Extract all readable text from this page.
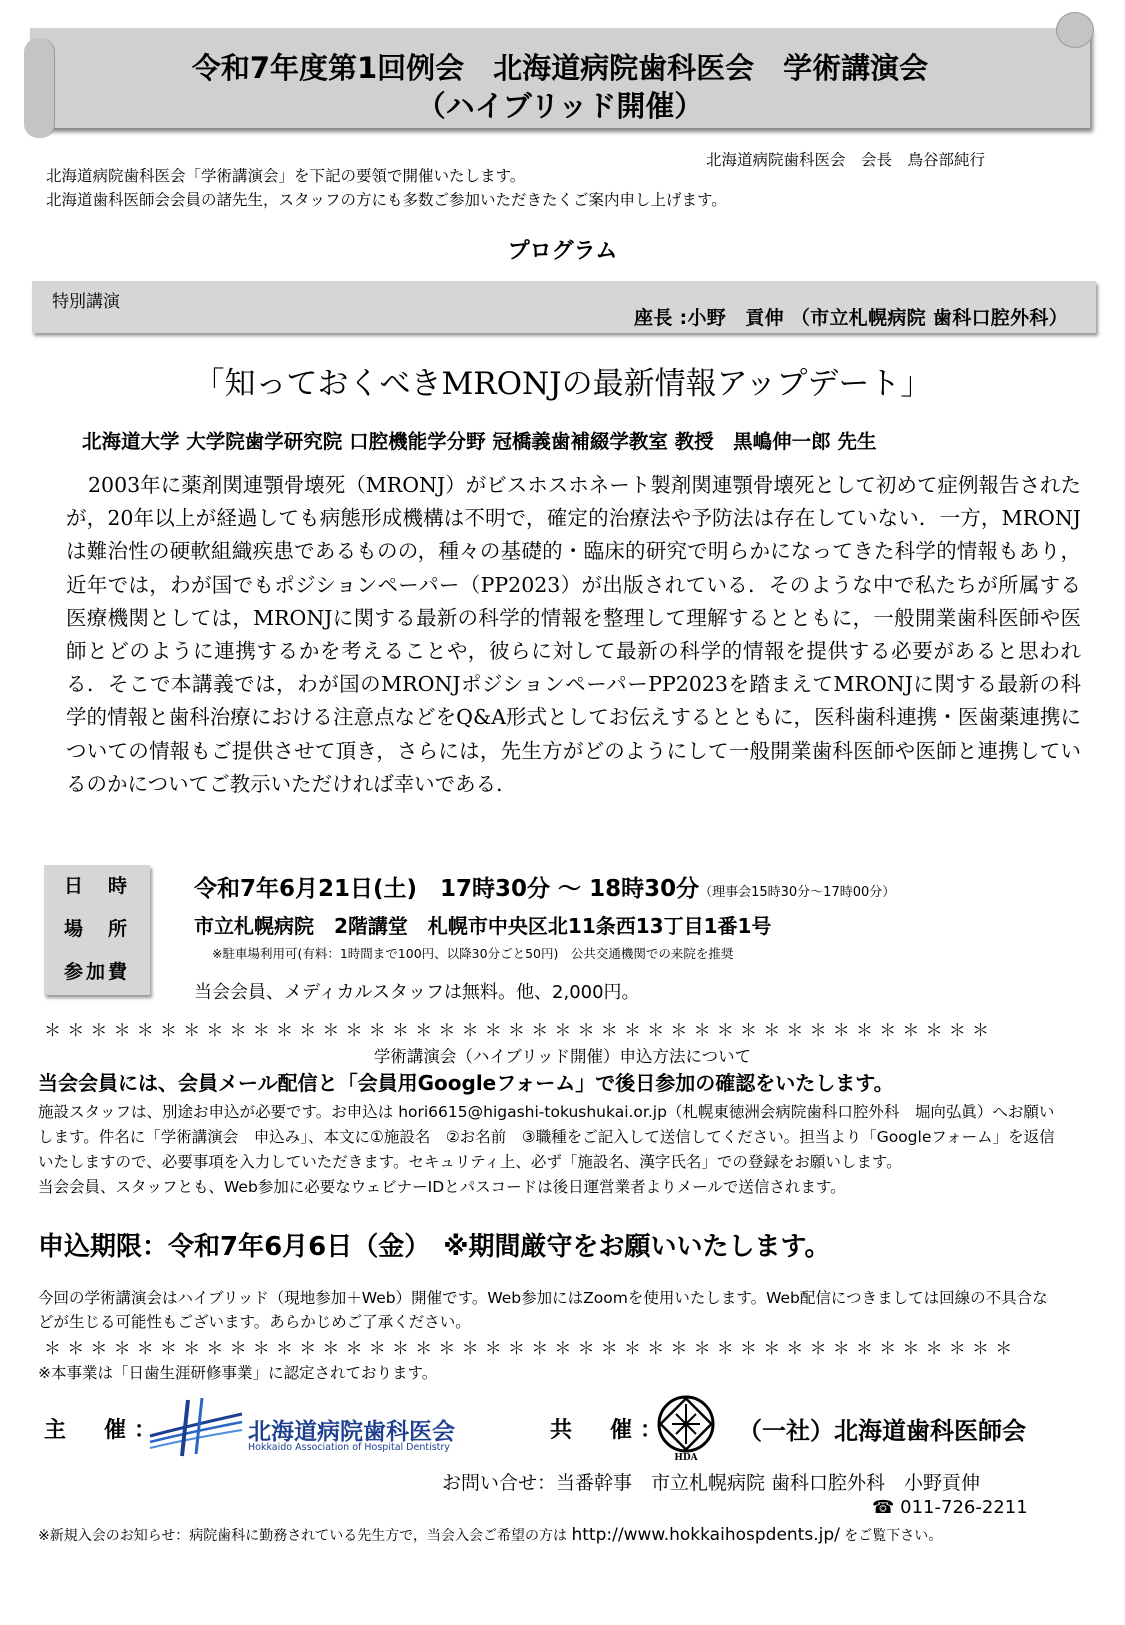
令和7年度第1回例会　北海道病院歯科医会　学術講演会
（ハイブリッド開催）
北海道病院歯科医会　会長　鳥谷部純行
北海道病院歯科医会「学術講演会」を下記の要領で開催いたします。
北海道歯科医師会会員の諸先生，スタッフの方にも多数ご参加いただきたくご案内申し上げます。
プログラム
特別講演
座長 :小野　貢伸 （市立札幌病院 歯科口腔外科）
「知っておくべきMRONJの最新情報アップデート」
北海道大学 大学院歯学研究院 口腔機能学分野 冠橋義歯補綴学教室 教授　黒嶋伸一郎 先生
2003年に薬剤関連顎骨壊死（MRONJ）がビスホスホネート製剤関連顎骨壊死として初めて症例報告されたが，20年以上が経過しても病態形成機構は不明で，確定的治療法や予防法は存在していない．一方，MRONJは難治性の硬軟組織疾患であるものの，種々の基礎的・臨床的研究で明らかになってきた科学的情報もあり，近年では，わが国でもポジションペーパー（PP2023）が出版されている．そのような中で私たちが所属する医療機関としては，MRONJに関する最新の科学的情報を整理して理解するとともに，一般開業歯科医師や医師とどのように連携するかを考えることや，彼らに対して最新の科学的情報を提供する必要があると思われる．そこで本講義では，わが国のMRONJポジションペーパーPP2023を踏まえてMRONJに関する最新の科学的情報と歯科治療における注意点などをQ&A形式としてお伝えするとともに，医科歯科連携・医歯薬連携についての情報もご提供させて頂き，さらには，先生方がどのようにして一般開業歯科医師や医師と連携しているのかについてご教示いただければ幸いである．
日　時
場　所
参加費
令和7年6月21日(土)　17時30分 ～ 18時30分（理事会15時30分～17時00分）
市立札幌病院　2階講堂　札幌市中央区北11条西13丁目1番1号
※駐車場利用可(有料：1時間まで100円、以降30分ごと50円)　公共交通機関での来院を推奨
当会会員、メディカルスタッフは無料。他、2,000円。
＊＊＊＊＊＊＊＊＊＊＊＊＊＊＊＊＊＊＊＊＊＊＊＊＊＊＊＊＊＊＊＊＊＊＊＊＊＊＊＊＊
学術講演会（ハイブリッド開催）申込方法について
当会会員には、会員メール配信と「会員用Googleフォーム」で後日参加の確認をいたします。
施設スタッフは、別途お申込が必要です。お申込は hori6615@higashi-tokushukai.or.jp（札幌東徳洲会病院歯科口腔外科　堀向弘眞）へお願いします。件名に「学術講演会　申込み」、本文に①施設名　②お名前　③職種をご記入して送信してください。担当より「Googleフォーム」を返信いたしますので、必要事項を入力していただきます。セキュリティ上、必ず「施設名、漢字氏名」での登録をお願いします。
当会会員、スタッフとも、Web参加に必要なウェビナーIDとパスコードは後日運営業者よりメールで送信されます。
申込期限：令和7年6月6日（金）　※期間厳守をお願いいたします。
今回の学術講演会はハイブリッド（現地参加＋Web）開催です。Web参加にはZoomを使用いたします。Web配信につきましては回線の不具合などが生じる可能性もございます。あらかじめご了承ください。
＊＊＊＊＊＊＊＊＊＊＊＊＊＊＊＊＊＊＊＊＊＊＊＊＊＊＊＊＊＊＊＊＊＊＊＊＊＊＊＊＊＊
※本事業は「日歯生涯研修事業」に認定されております。
主　催：	北海道病院歯科医会
Hokkaido Association of Hospital Dentistry
共　催：
HDA
（一社）北海道歯科医師会
お問い合せ：当番幹事　市立札幌病院 歯科口腔外科　小野貢伸
☎ 011-726-2211
※新規入会のお知らせ：病院歯科に勤務されている先生方で，当会入会ご希望の方は http://www.hokkaihospdents.jp/ をご覧下さい。
